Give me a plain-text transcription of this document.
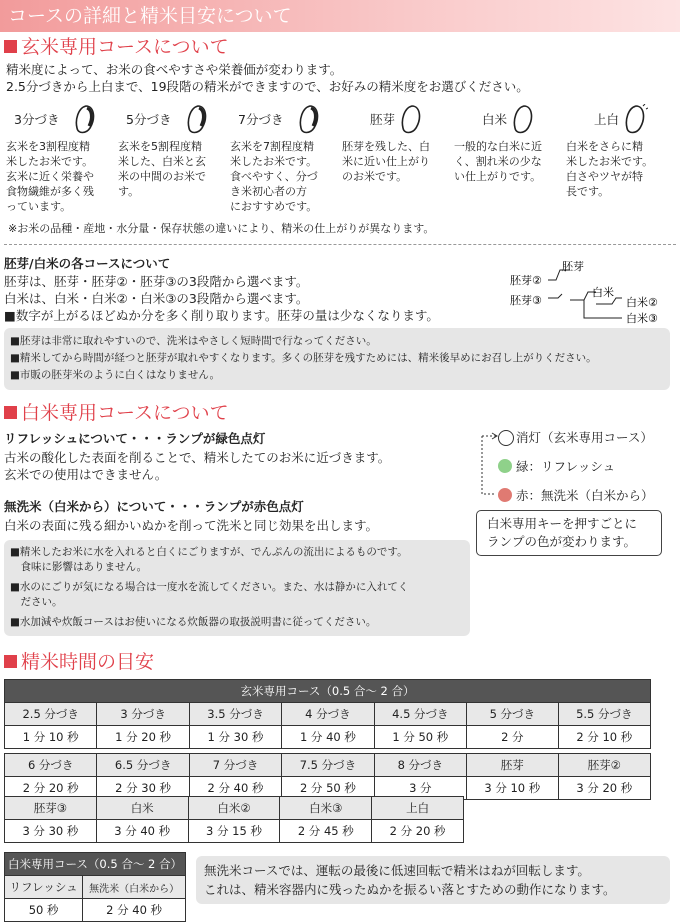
コースの詳細と精米目安について
玄米専用コースについて
精米度によって、お米の食べやすさや栄養価が変わります。
2.5分づきから上白まで、19段階の精米ができますので、お好みの精米度をお選びください。
3分づき
玄米を3割程度精
米したお米です。
玄米に近く栄養や
食物繊維が多く残
っています。
5分づき
玄米を5割程度精
米した、白米と玄
米の中間のお米で
す。
7分づき
玄米を7割程度精
米したお米です。
食べやすく、分づ
き米初心者の方
におすすめです。
胚芽
胚芽を残した、白
米に近い仕上がり
のお米です。
白米
一般的な白米に近
く、割れ米の少な
い仕上がりです。
上白
白米をさらに精
米したお米です。
白さやツヤが特
長です。
※お米の品種・産地・水分量・保存状態の違いにより、精米の仕上がりが異なります。
胚芽/白米の各コースについて
胚芽は、胚芽・胚芽②・胚芽③の3段階から選べます。
白米は、白米・白米②・白米③の3段階から選べます。
■数字が上がるほどぬか分を多く削り取ります。胚芽の量は少なくなります。
胚芽
胚芽②
胚芽③
白米
白米②
白米③
■胚芽は非常に取れやすいので、洗米はやさしく短時間で行なってください。
■精米してから時間が経つと胚芽が取れやすくなります。多くの胚芽を残すためには、精米後早めにお召し上がりください。
■市販の胚芽米のように白くはなりません。
白米専用コースについて
リフレッシュについて・・・ランプが緑色点灯
古米の酸化した表面を削ることで、精米したてのお米に近づきます。
玄米での使用はできません。
無洗米（白米から）について・・・ランプが赤色点灯
白米の表面に残る細かいぬかを削って洗米と同じ効果を出します。
消灯（玄米専用コース）
緑：リフレッシュ
赤：無洗米（白米から）
白米専用キーを押すごとに
ランプの色が変わります。
■精米したお米に水を入れると白くにごりますが、でんぷんの流出によるものです。
　食味に影響はありません。
■水のにごりが気になる場合は一度水を流してください。また、水は静かに入れてく
　ださい。
■水加減や炊飯コースはお使いになる炊飯器の取扱説明書に従ってください。
精米時間の目安
玄米専用コース（0.5 合～ 2 合）						
2.5 分づき	3 分づき	3.5 分づき	4 分づき	4.5 分づき	5 分づき	5.5 分づき
1 分 10 秒	1 分 20 秒	1 分 30 秒	1 分 40 秒	1 分 50 秒	2 分	2 分 10 秒

6 分づき	6.5 分づき	7 分づき	7.5 分づき	8 分づき	胚芽	胚芽②
2 分 20 秒	2 分 30 秒	2 分 40 秒	2 分 50 秒	3 分	3 分 10 秒	3 分 20 秒
胚芽③	白米	白米②	白米③	上白
3 分 30 秒	3 分 40 秒	3 分 15 秒	2 分 45 秒	2 分 20 秒
白米専用コース（0.5 合～ 2 合）	
リフレッシュ	無洗米（白米から）
50 秒	2 分 40 秒
無洗米コースでは、運転の最後に低速回転で精米はねが回転します。
これは、精米容器内に残ったぬかを振るい落とすための動作になります。
